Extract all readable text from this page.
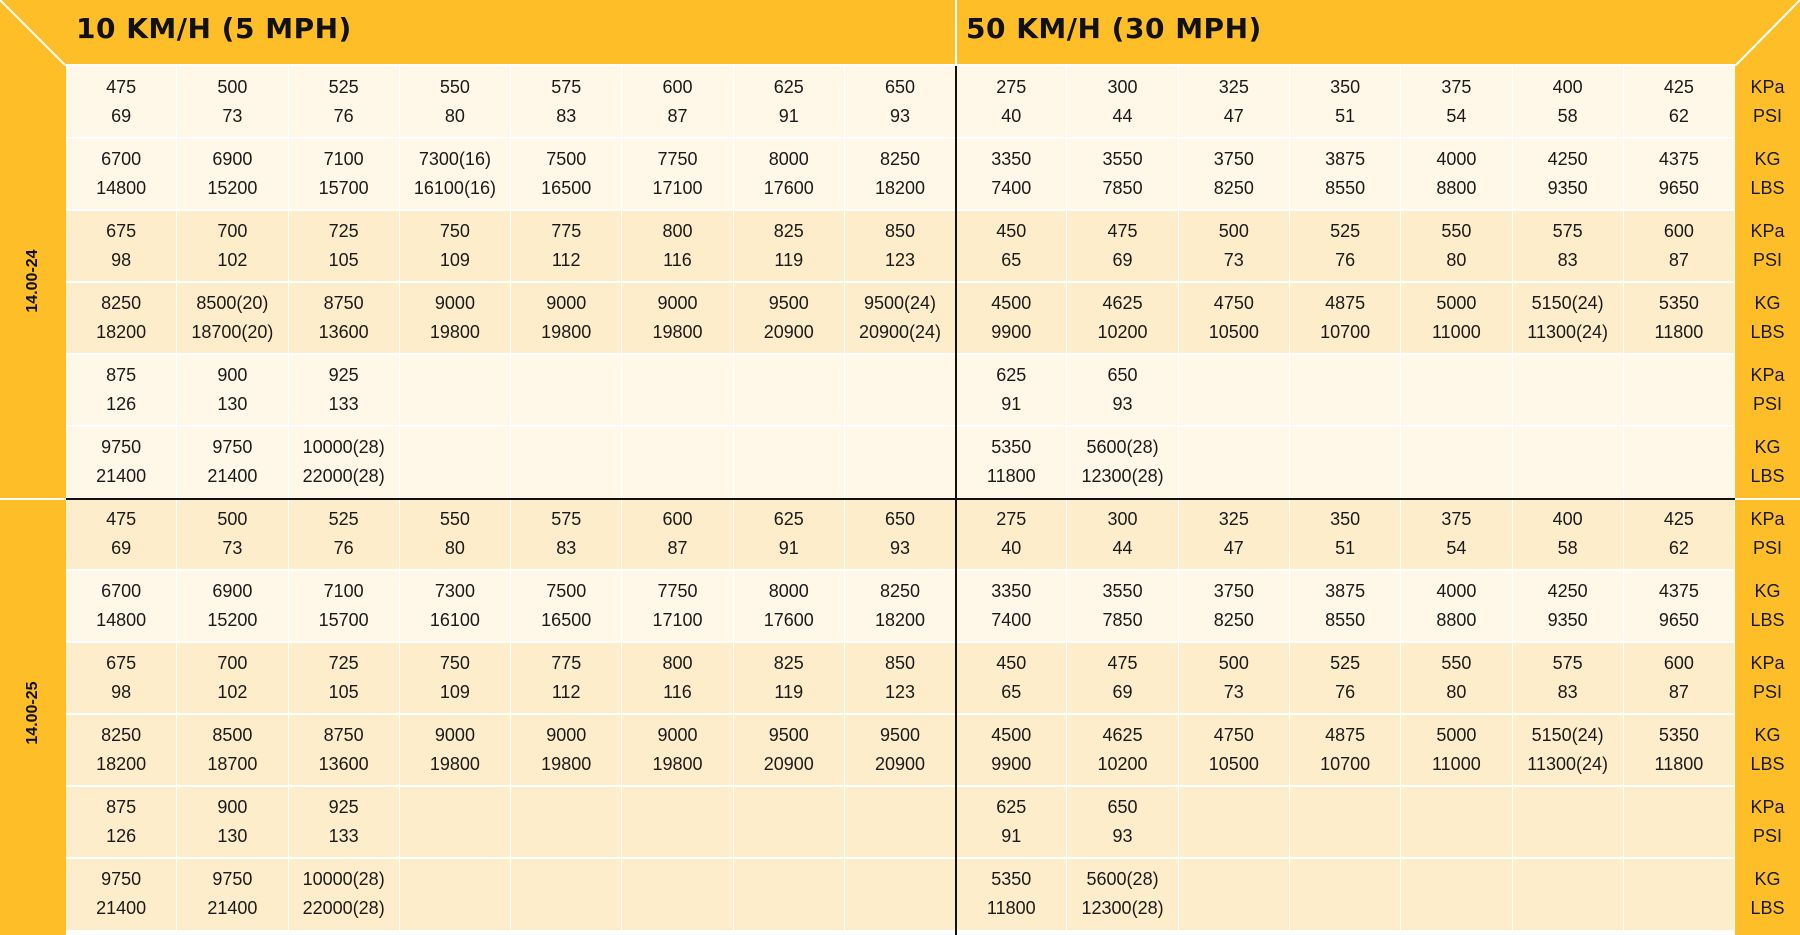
10 KM/H (5 MPH)	50 KM/H (30 MPH)
14.00-24
475
69
500
73
525
76
550
80
575
83
600
87
625
91
650
93
275
40
300
44
325
47
350
51
375
54
400
58
425
62
KPa
PSI
6700
14800
6900
15200
7100
15700
7300(16)
16100(16)
7500
16500
7750
17100
8000
17600
8250
18200
3350
7400
3550
7850
3750
8250
3875
8550
4000
8800
4250
9350
4375
9650
KG
LBS
675
98
700
102
725
105
750
109
775
112
800
116
825
119
850
123
450
65
475
69
500
73
525
76
550
80
575
83
600
87
KPa
PSI
8250
18200
8500(20)
18700(20)
8750
13600
9000
19800
9000
19800
9000
19800
9500
20900
9500(24)
20900(24)
4500
9900
4625
10200
4750
10500
4875
10700
5000
11000
5150(24)
11300(24)
5350
11800
KG
LBS
875
126
900
130
925
133
625
91
650
93
KPa
PSI
9750
21400
9750
21400
10000(28)
22000(28)
5350
11800
5600(28)
12300(28)
KG
LBS
14.00-25
475
69
500
73
525
76
550
80
575
83
600
87
625
91
650
93
275
40
300
44
325
47
350
51
375
54
400
58
425
62
KPa
PSI
6700
14800
6900
15200
7100
15700
7300
16100
7500
16500
7750
17100
8000
17600
8250
18200
3350
7400
3550
7850
3750
8250
3875
8550
4000
8800
4250
9350
4375
9650
KG
LBS
675
98
700
102
725
105
750
109
775
112
800
116
825
119
850
123
450
65
475
69
500
73
525
76
550
80
575
83
600
87
KPa
PSI
8250
18200
8500
18700
8750
13600
9000
19800
9000
19800
9000
19800
9500
20900
9500
20900
4500
9900
4625
10200
4750
10500
4875
10700
5000
11000
5150(24)
11300(24)
5350
11800
KG
LBS
875
126
900
130
925
133
625
91
650
93
KPa
PSI
9750
21400
9750
21400
10000(28)
22000(28)
5350
11800
5600(28)
12300(28)
KG
LBS
